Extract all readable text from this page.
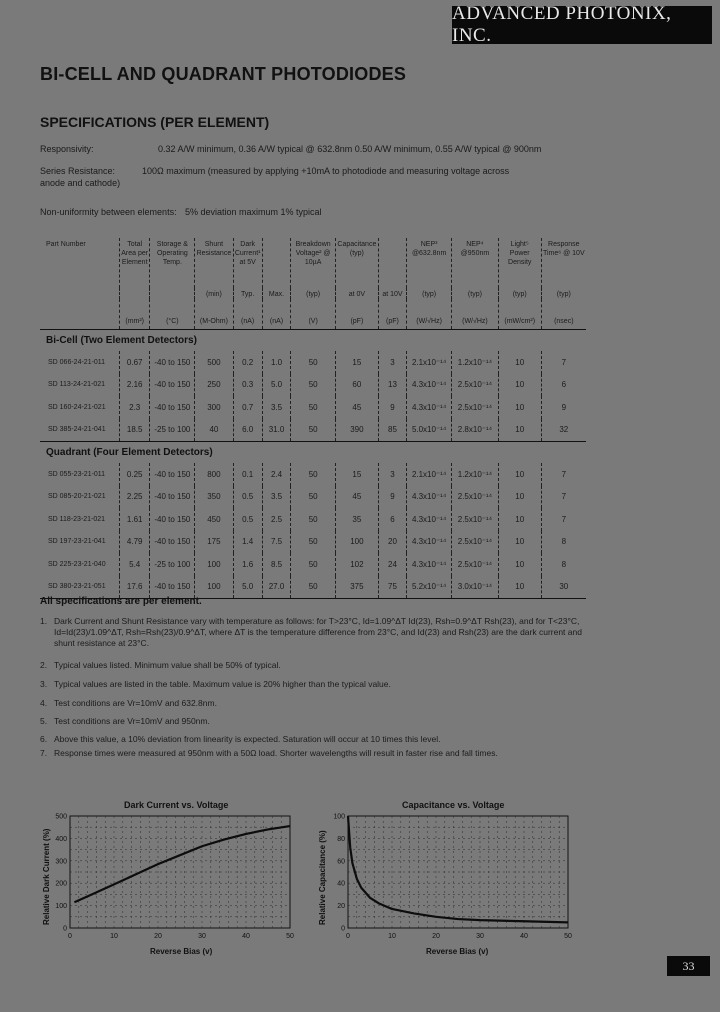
ADVANCED PHOTONIX, INC.
BI-CELL AND QUADRANT PHOTODIODES
SPECIFICATIONS (PER ELEMENT)
Responsivity:	0.32 A/W minimum, 0.36 A/W typical @ 632.8nm 0.50 A/W minimum, 0.55 A/W typical @ 900nm
Series Resistance:
anode and cathode)
100Ω maximum (measured by applying +10mA to photodiode and measuring voltage across
Non-uniformity between elements: 5% deviation maximum 1% typical
Part Number	Total Area per Element	Storage & Operating Temp.	Shunt Resistance	Dark Current¹ at 5V		Breakdown Voltage² @ 10µA	Capacitance (typ)		NEP³ @632.8nm	NEP⁴ @950nm	Light⁵ Power Density	Response Time⁶ @ 10V
			(min)	Typ.	Max.	(typ)	at 0V	at 10V	(typ)	(typ)	(typ)	(typ)
	(mm²)	(°C)	(M-Ohm)	(nA)	(nA)	(V)	(pF)	(pF)	(W/√Hz)	(W/√Hz)	(mW/cm²)	(nsec)
Bi-Cell (Two Element Detectors)												
SD 066-24-21-011	0.67	-40 to 150	500	0.2	1.0	50	15	3	2.1x10⁻¹⁴	1.2x10⁻¹⁴	10	7
SD 113-24-21-021	2.16	-40 to 150	250	0.3	5.0	50	60	13	4.3x10⁻¹⁴	2.5x10⁻¹⁴	10	6
SD 160-24-21-021	2.3	-40 to 150	300	0.7	3.5	50	45	9	4.3x10⁻¹⁴	2.5x10⁻¹⁴	10	9
SD 385-24-21-041	18.5	-25 to 100	40	6.0	31.0	50	390	85	5.0x10⁻¹⁴	2.8x10⁻¹⁴	10	32
Quadrant (Four Element Detectors)												
SD 055-23-21-011	0.25	-40 to 150	800	0.1	2.4	50	15	3	2.1x10⁻¹⁴	1.2x10⁻¹⁴	10	7
SD 085-20-21-021	2.25	-40 to 150	350	0.5	3.5	50	45	9	4.3x10⁻¹⁴	2.5x10⁻¹⁴	10	7
SD 118-23-21-021	1.61	-40 to 150	450	0.5	2.5	50	35	6	4.3x10⁻¹⁴	2.5x10⁻¹⁴	10	7
SD 197-23-21-041	4.79	-40 to 150	175	1.4	7.5	50	100	20	4.3x10⁻¹⁴	2.5x10⁻¹⁴	10	8
SD 225-23-21-040	5.4	-25 to 100	100	1.6	8.5	50	102	24	4.3x10⁻¹⁴	2.5x10⁻¹⁴	10	8
SD 380-23-21-051	17.6	-40 to 150	100	5.0	27.0	50	375	75	5.2x10⁻¹⁴	3.0x10⁻¹⁴	10	30
All specifications are per element.
1. Dark Current and Shunt Resistance vary with temperature as follows: for T>23°C, Id=1.09^ΔT Id(23), Rsh=0.9^ΔT Rsh(23), and for T<23°C, Id=Id(23)/1.09^ΔT, Rsh=Rsh(23)/0.9^ΔT, where ΔT is the temperature difference from 23°C, and Id(23) and Rsh(23) are the dark current and shunt resistance at 23°C.
2. Typical values listed. Minimum value shall be 50% of typical.
3. Typical values are listed in the table. Maximum value is 20% higher than the typical value.
4. Test conditions are Vr=10mV and 632.8nm.
5. Test conditions are Vr=10mV and 950nm.
6. Above this value, a 10% deviation from linearity is expected. Saturation will occur at 10 times this level.
7. Response times were measured at 950nm with a 50Ω load. Shorter wavelengths will result in faster rise and fall times.
Dark Current vs. Voltage
Relative Dark Current (%)
Reverse Bias (v)
0	10	20	30	40	50
0
100
200
300
400
500
Capacitance vs. Voltage
Relative Capacitance (%)
Reverse Bias (v)
0	10	20	30	40	50
0
20
40
60
80
100
33
